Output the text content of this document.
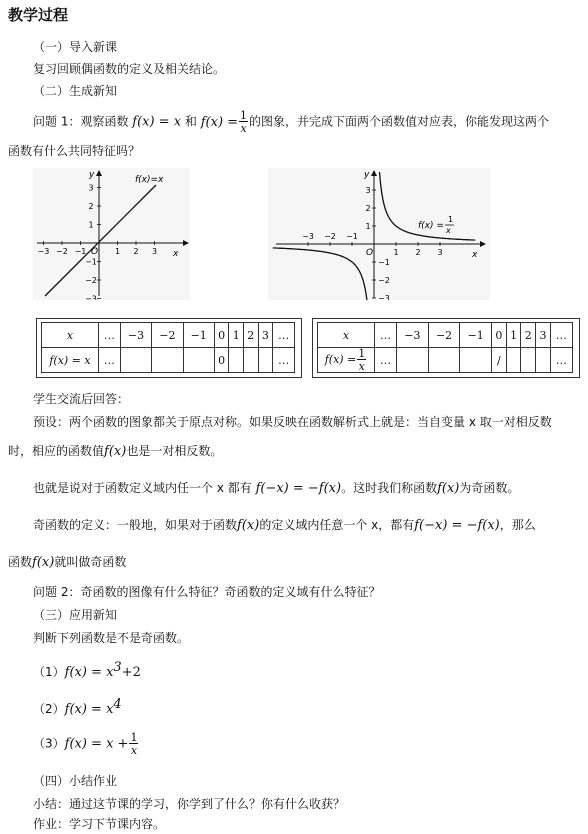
教学过程
（一）导入新课
复习回顾偶函数的定义及相关结论。
（二）生成新知
问题 1：观察函数 f(x) = x 和 $f(x) = \frac{1}{x}$ 的图象，并完成下面两个函数值对应表，你能发现这两个
函数有什么共同特征吗？
−3 −2 −1	1 2 3
3
2
1
−1
−2
−3
x
y
O
f(x)=x
−3 −2 −1
1 2 3
3
2
1
−1
−2
−3
x
y
O
f(x) =
1
x
x	…	−3	−2	−1	0	1	2	3	…
f(x) = x	…				0				…
x	…	−3	−2	−1	0	1	2	3	…
$f(x) = \frac{1}{x}$	…				/				…
学生交流后回答：
预设：两个函数的图象都关于原点对称。如果反映在函数解析式上就是：当自变量 x 取一对相反数
时，相应的函数值f(x)也是一对相反数。
也就是说对于函数定义域内任一个 x 都有 f(−x) = −f(x)。这时我们称函数f(x)为奇函数。
奇函数的定义：一般地，如果对于函数f(x)的定义域内任意一个 x，都有f(−x) = −f(x)，那么
函数f(x)就叫做奇函数
问题 2：奇函数的图像有什么特征？奇函数的定义域有什么特征？
（三）应用新知
判断下列函数是不是奇函数。
$(1)f(x) = x^3+2$
$(2)f(x) = x^4$
$(3)f(x) = x + \frac{1}{x}$
（四）小结作业
小结：通过这节课的学习，你学到了什么？你有什么收获？
作业：学习下节课内容。
